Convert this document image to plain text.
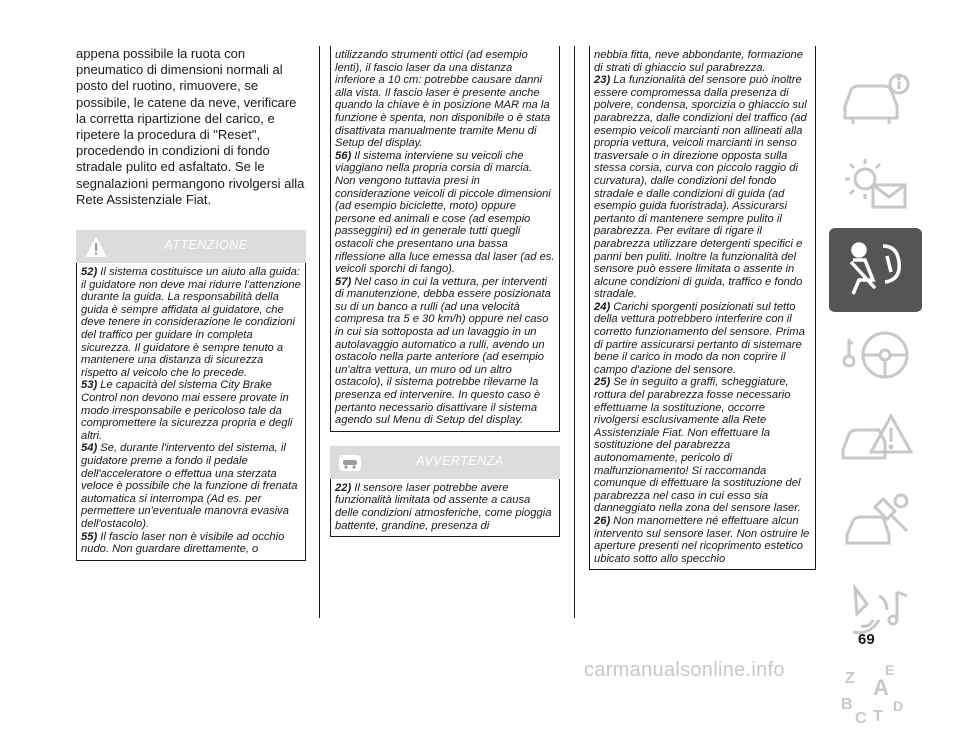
appena possibile la ruota con pneumatico di dimensioni normali al posto del ruotino, rimuovere, se possibile, le catene da neve, verificare la corretta ripartizione del carico, e ripetere la procedura di "Reset", procedendo in condizioni di fondo stradale pulito ed asfaltato. Se le segnalazioni permangono rivolgersi alla Rete Assistenziale Fiat.

ATTENZIONE

52) Il sistema costituisce un aiuto alla guida: il guidatore non deve mai ridurre l'attenzione durante la guida. La responsabilità della guida è sempre affidata al guidatore, che deve tenere in considerazione le condizioni del traffico per guidare in completa sicurezza. Il guidatore è sempre tenuto a mantenere una distanza di sicurezza rispetto al veicolo che lo precede.

53) Le capacità del sistema City Brake Control non devono mai essere provate in modo irresponsabile e pericoloso tale da compromettere la sicurezza propria e degli altri.

54) Se, durante l'intervento del sistema, il guidatore preme a fondo il pedale dell'acceleratore o effettua una sterzata veloce è possibile che la funzione di frenata automatica si interrompa (Ad es. per permettere un'eventuale manovra evasiva dell'ostacolo).

55) Il fascio laser non è visibile ad occhio nudo. Non guardare direttamente, o

utilizzando strumenti ottici (ad esempio lenti), il fascio laser da una distanza inferiore a 10 cm: potrebbe causare danni alla vista. Il fascio laser è presente anche quando la chiave è in posizione MAR ma la funzione è spenta, non disponibile o è stata disattivata manualmente tramite Menu di Setup del display.

56) Il sistema interviene su veicoli che viaggiano nella propria corsia di marcia. Non vengono tuttavia presi in considerazione veicoli di piccole dimensioni (ad esempio biciclette, moto) oppure persone ed animali e cose (ad esempio passeggini) ed in generale tutti quegli ostacoli che presentano una bassa riflessione alla luce emessa dal laser (ad es. veicoli sporchi di fango).

57) Nel caso in cui la vettura, per interventi di manutenzione, debba essere posizionata su di un banco a rulli (ad una velocità compresa tra 5 e 30 km/h) oppure nel caso in cui sia sottoposta ad un lavaggio in un autolavaggio automatico a rulli, avendo un ostacolo nella parte anteriore (ad esempio un'altra vettura, un muro od un altro ostacolo), il sistema potrebbe rilevarne la presenza ed intervenire. In questo caso è pertanto necessario disattivare il sistema agendo sul Menu di Setup del display.

AVVERTENZA

22) Il sensore laser potrebbe avere funzionalità limitata od assente a causa delle condizioni atmosferiche, come pioggia battente, grandine, presenza di

nebbia fitta, neve abbondante, formazione di strati di ghiaccio sul parabrezza.

23) La funzionalità del sensore può inoltre essere compromessa dalla presenza di polvere, condensa, sporcizia o ghiaccio sul parabrezza, dalle condizioni del traffico (ad esempio veicoli marcianti non allineati alla propria vettura, veicoli marcianti in senso trasversale o in direzione opposta sulla stessa corsia, curva con piccolo raggio di curvatura), dalle condizioni del fondo stradale e dalle condizioni di guida (ad esempio guida fuoristrada). Assicurarsi pertanto di mantenere sempre pulito il parabrezza. Per evitare di rigare il parabrezza utilizzare detergenti specifici e panni ben puliti. Inoltre la funzionalità del sensore può essere limitata o assente in alcune condizioni di guida, traffico e fondo stradale.

24) Carichi sporgenti posizionati sul tetto della vettura potrebbero interferire con il corretto funzionamento del sensore. Prima di partire assicurarsi pertanto di sistemare bene il carico in modo da non coprire il campo d'azione del sensore.

25) Se in seguito a graffi, scheggiature, rottura del parabrezza fosse necessario effettuarne la sostituzione, occorre rivolgersi esclusivamente alla Rete Assistenziale Fiat. Non effettuare la sostituzione del parabrezza autonomamente, pericolo di malfunzionamento! Si raccomanda comunque di effettuare la sostituzione del parabrezza nel caso in cui esso sia danneggiato nella zona del sensore laser.

26) Non manomettere né effettuare alcun intervento sul sensore laser. Non ostruire le aperture presenti nel ricoprimento estetico ubicato sotto allo specchio

Z E
A
B
C T
D
69
carmanualsonline.info
